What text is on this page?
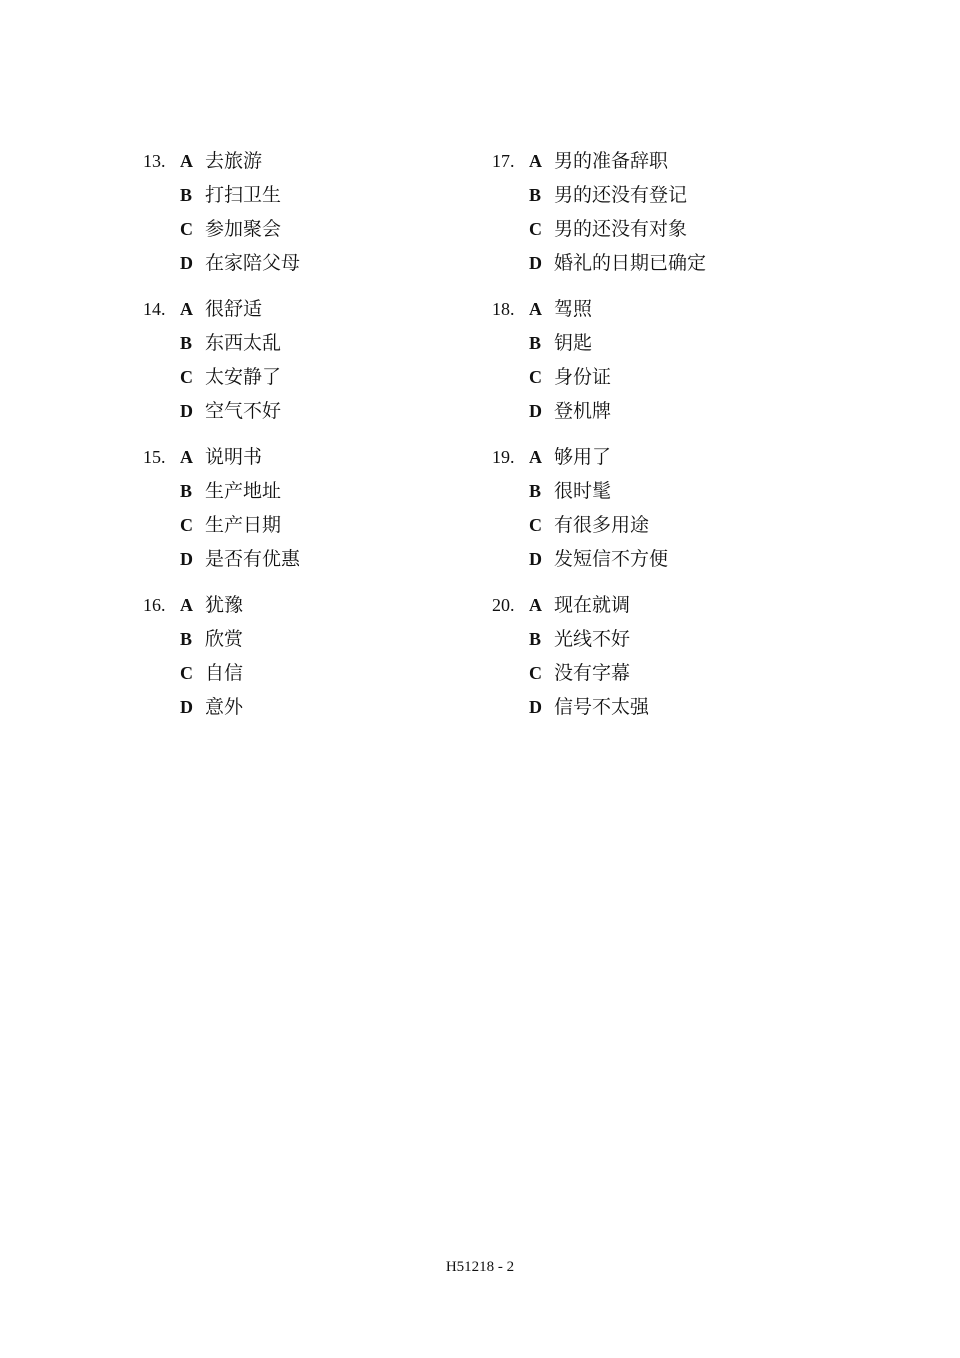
13. A 去旅游
B 打扫卫生
C 参加聚会
D 在家陪父母
14. A 很舒适
B 东西太乱
C 太安静了
D 空气不好
15. A 说明书
B 生产地址
C 生产日期
D 是否有优惠
16. A 犹豫
B 欣赏
C 自信
D 意外
17. A 男的准备辞职
B 男的还没有登记
C 男的还没有对象
D 婚礼的日期已确定
18. A 驾照
B 钥匙
C 身份证
D 登机牌
19. A 够用了
B 很时髦
C 有很多用途
D 发短信不方便
20. A 现在就调
B 光线不好
C 没有字幕
D 信号不太强
H51218 - 2
